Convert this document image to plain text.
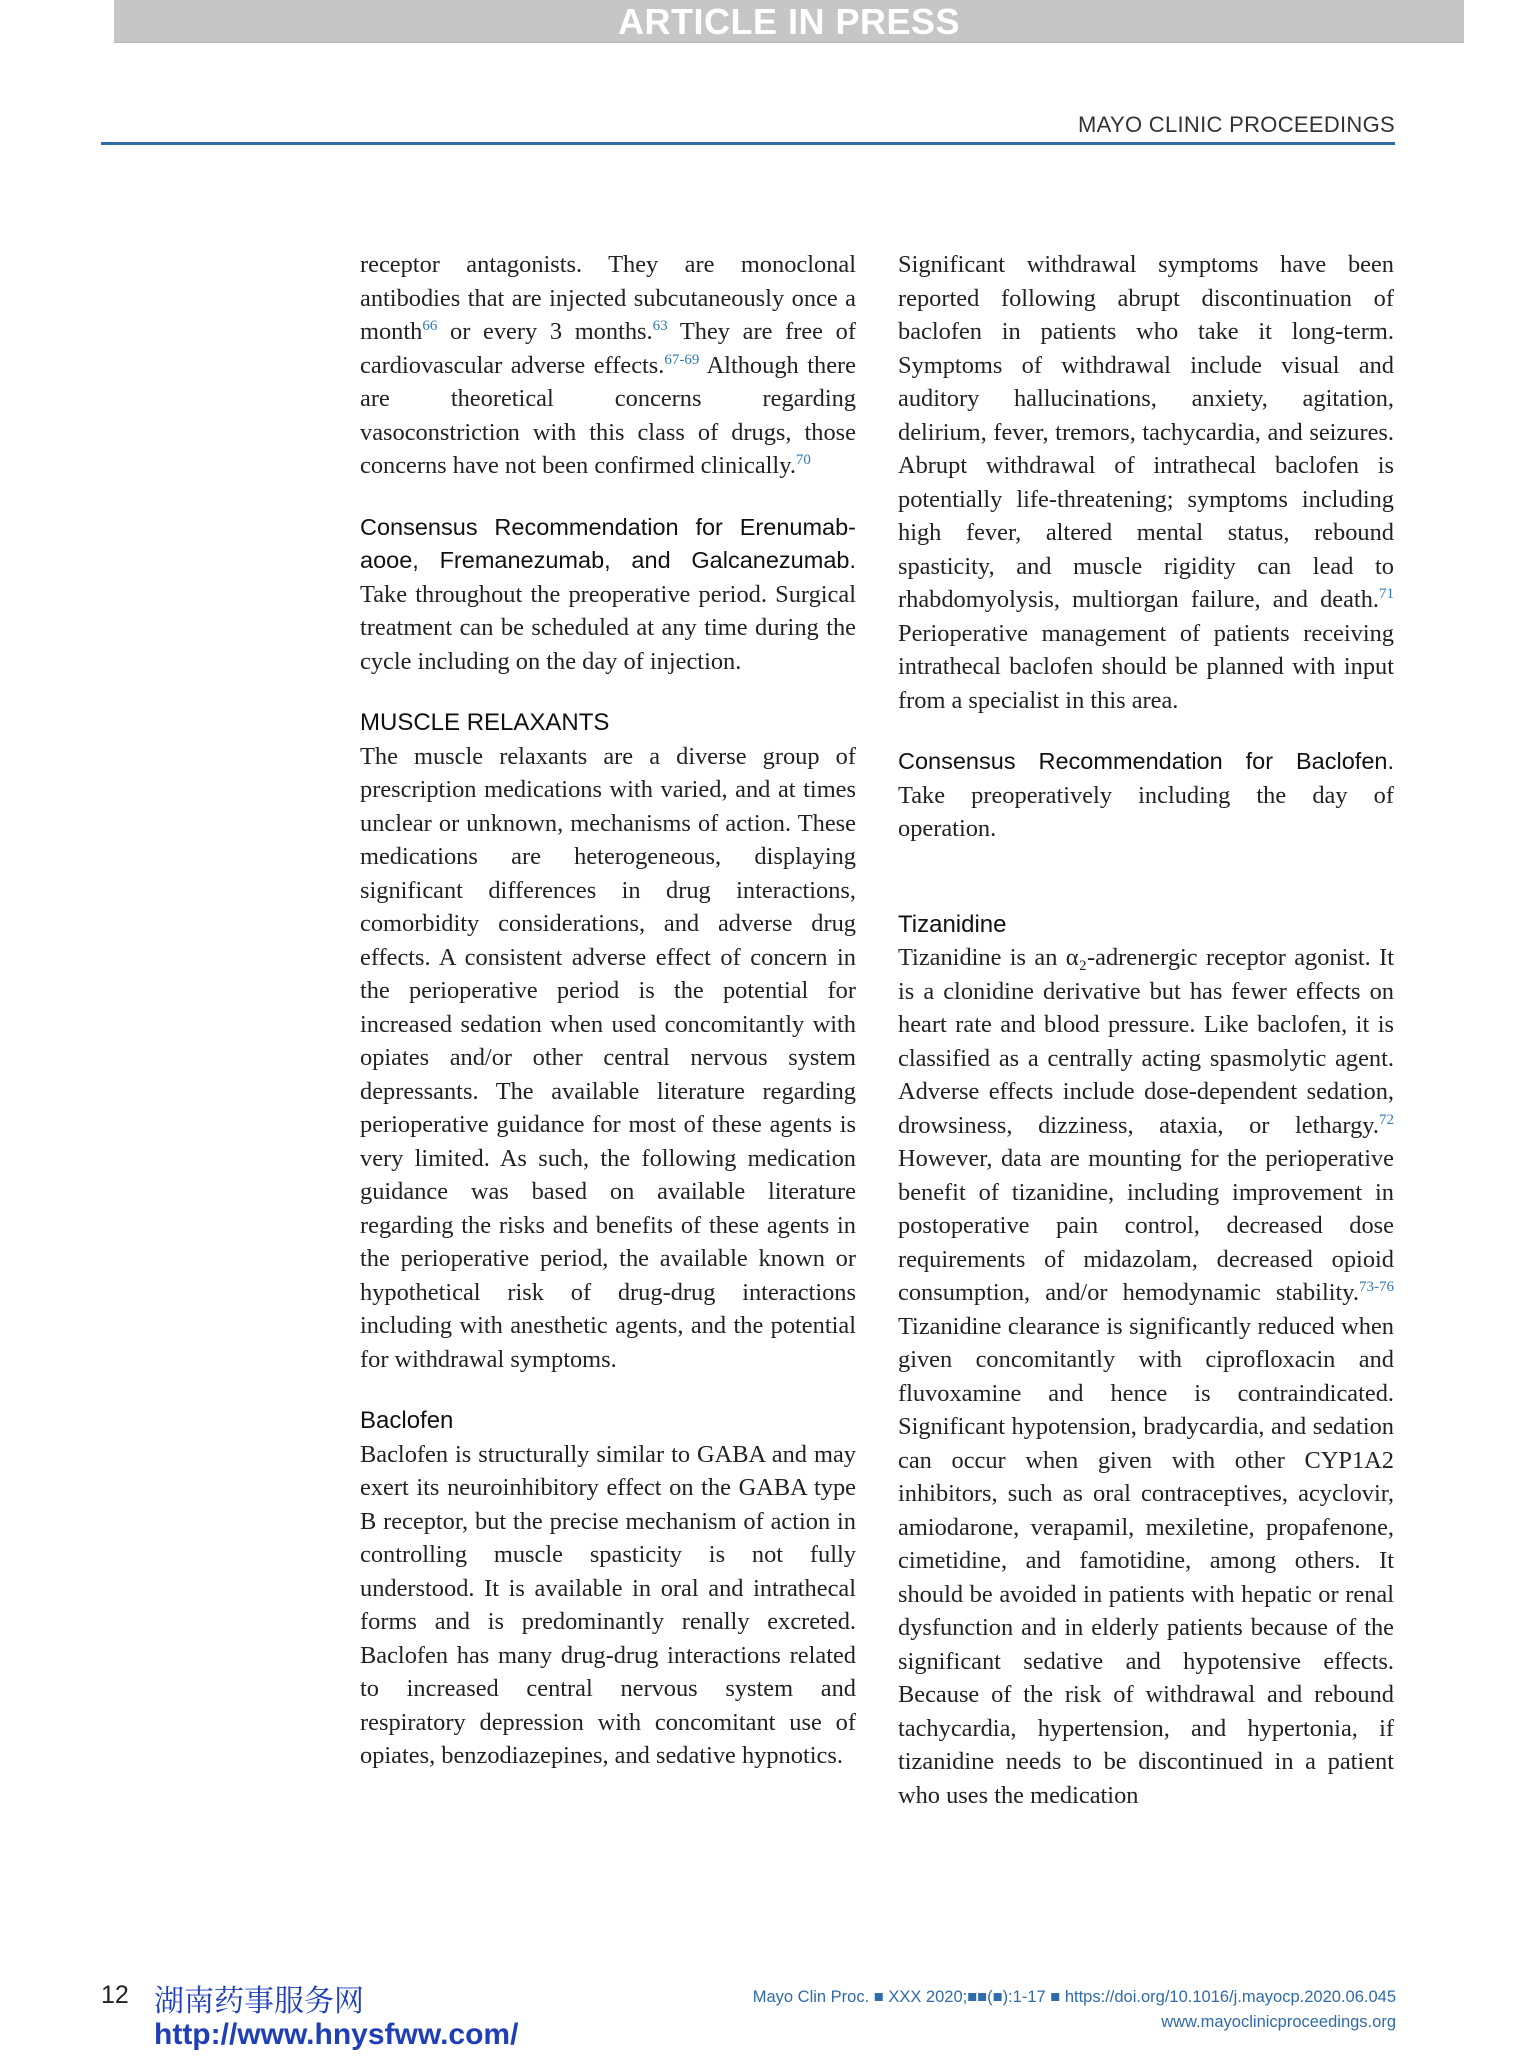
ARTICLE IN PRESS
MAYO CLINIC PROCEEDINGS

receptor antagonists. They are monoclonal antibodies that are injected subcutaneously once a month$^{66}$ or every 3 months.$^{63}$ They are free of cardiovascular adverse effects.$^{67-69}$ Although there are theoretical concerns regarding vasoconstriction with this class of drugs, those concerns have not been confirmed clinically.$^{70}$

Consensus Recommendation for Erenumab-aooe, Fremanezumab, and Galcanezumab. Take throughout the preoperative period. Surgical treatment can be scheduled at any time during the cycle including on the day of injection.

MUSCLE RELAXANTS

The muscle relaxants are a diverse group of prescription medications with varied, and at times unclear or unknown, mechanisms of action. These medications are heterogeneous, displaying significant differences in drug interactions, comorbidity considerations, and adverse drug effects. A consistent adverse effect of concern in the perioperative period is the potential for increased sedation when used concomitantly with opiates and/or other central nervous system depressants. The available literature regarding perioperative guidance for most of these agents is very limited. As such, the following medication guidance was based on available literature regarding the risks and benefits of these agents in the perioperative period, the available known or hypothetical risk of drug-drug interactions including with anesthetic agents, and the potential for withdrawal symptoms.

Baclofen

Baclofen is structurally similar to GABA and may exert its neuroinhibitory effect on the GABA type B receptor, but the precise mechanism of action in controlling muscle spasticity is not fully understood. It is available in oral and intrathecal forms and is predominantly renally excreted. Baclofen has many drug-drug interactions related to increased central nervous system and respiratory depression with concomitant use of opiates, benzodiazepines, and sedative hypnotics.

Significant withdrawal symptoms have been reported following abrupt discontinuation of baclofen in patients who take it long-term. Symptoms of withdrawal include visual and auditory hallucinations, anxiety, agitation, delirium, fever, tremors, tachycardia, and seizures. Abrupt withdrawal of intrathecal baclofen is potentially life-threatening; symptoms including high fever, altered mental status, rebound spasticity, and muscle rigidity can lead to rhabdomyolysis, multiorgan failure, and death.$^{71}$ Perioperative management of patients receiving intrathecal baclofen should be planned with input from a specialist in this area.

Consensus Recommendation for Baclofen. Take preoperatively including the day of operation.

Tizanidine

Tizanidine is an α₂-adrenergic receptor agonist. It is a clonidine derivative but has fewer effects on heart rate and blood pressure. Like baclofen, it is classified as a centrally acting spasmolytic agent. Adverse effects include dose-dependent sedation, drowsiness, dizziness, ataxia, or lethargy.$^{72}$ However, data are mounting for the perioperative benefit of tizanidine, including improvement in postoperative pain control, decreased dose requirements of midazolam, decreased opioid consumption, and/or hemodynamic stability.$^{73-76}$ Tizanidine clearance is significantly reduced when given concomitantly with ciprofloxacin and fluvoxamine and hence is contraindicated. Significant hypotension, bradycardia, and sedation can occur when given with other CYP1A2 inhibitors, such as oral contraceptives, acyclovir, amiodarone, verapamil, mexiletine, propafenone, cimetidine, and famotidine, among others. It should be avoided in patients with hepatic or renal dysfunction and in elderly patients because of the significant sedative and hypotensive effects. Because of the risk of withdrawal and rebound tachycardia, hypertension, and hypertonia, if tizanidine needs to be discontinued in a patient who uses the medication

12 湖南药事服务网
http://www.hnysfww.com/
Mayo Clin Proc. ■ XXX 2020;■■(■):1-17 ■ https://doi.org/10.1016/j.mayocp.2020.06.045
www.mayoclinicproceedings.org
